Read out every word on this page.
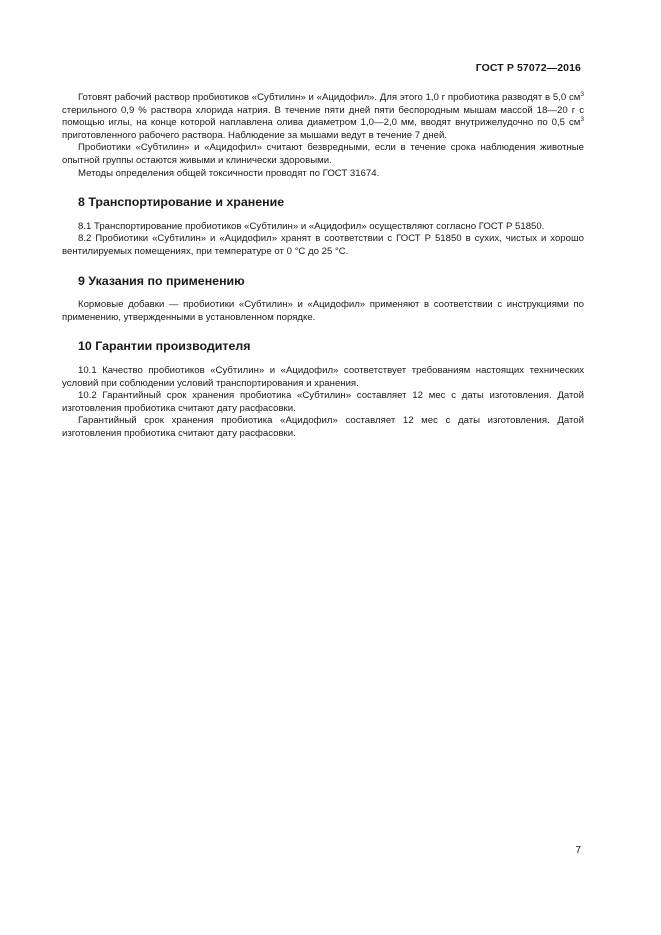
ГОСТ Р 57072—2016

Готовят рабочий раствор пробиотиков «Субтилин» и «Ацидофил». Для этого 1,0 г пробиотика разводят в 5,0 $см^3$ стерильного 0,9 % раствора хлорида натрия. В течение пяти дней пяти беспородным мышам массой 18—20 г с помощью иглы, на конце которой наплавлена олива диаметром 1,0—2,0 мм, вводят внутрижелудочно по 0,5 $см^3$ приготовленного рабочего раствора. Наблюдение за мышами ведут в течение 7 дней.

Пробиотики «Субтилин» и «Ацидофил» считают безвредными, если в течение срока наблюдения животные опытной группы остаются живыми и клинически здоровыми.

Методы определения общей токсичности проводят по ГОСТ 31674.

8 Транспортирование и хранение

8.1 Транспортирование пробиотиков «Субтилин» и «Ацидофил» осуществляют согласно ГОСТ Р 51850.

8.2 Пробиотики «Субтилин» и «Ацидофил» хранят в соответствии с ГОСТ Р 51850 в сухих, чистых и хорошо вентилируемых помещениях, при температуре от 0 °С до 25 °С.

9 Указания по применению

Кормовые добавки — пробиотики «Субтилин» и «Ацидофил» применяют в соответствии с инструкциями по применению, утвержденными в установленном порядке.

10 Гарантии производителя

10.1 Качество пробиотиков «Субтилин» и «Ацидофил» соответствует требованиям настоящих технических условий при соблюдении условий транспортирования и хранения.

10.2 Гарантийный срок хранения пробиотика «Субтилин» составляет 12 мес с даты изготовления. Датой изготовления пробиотика считают дату расфасовки.

Гарантийный срок хранения пробиотика «Ацидофил» составляет 12 мес с даты изготовления. Датой изготовления пробиотика считают дату расфасовки.

7
